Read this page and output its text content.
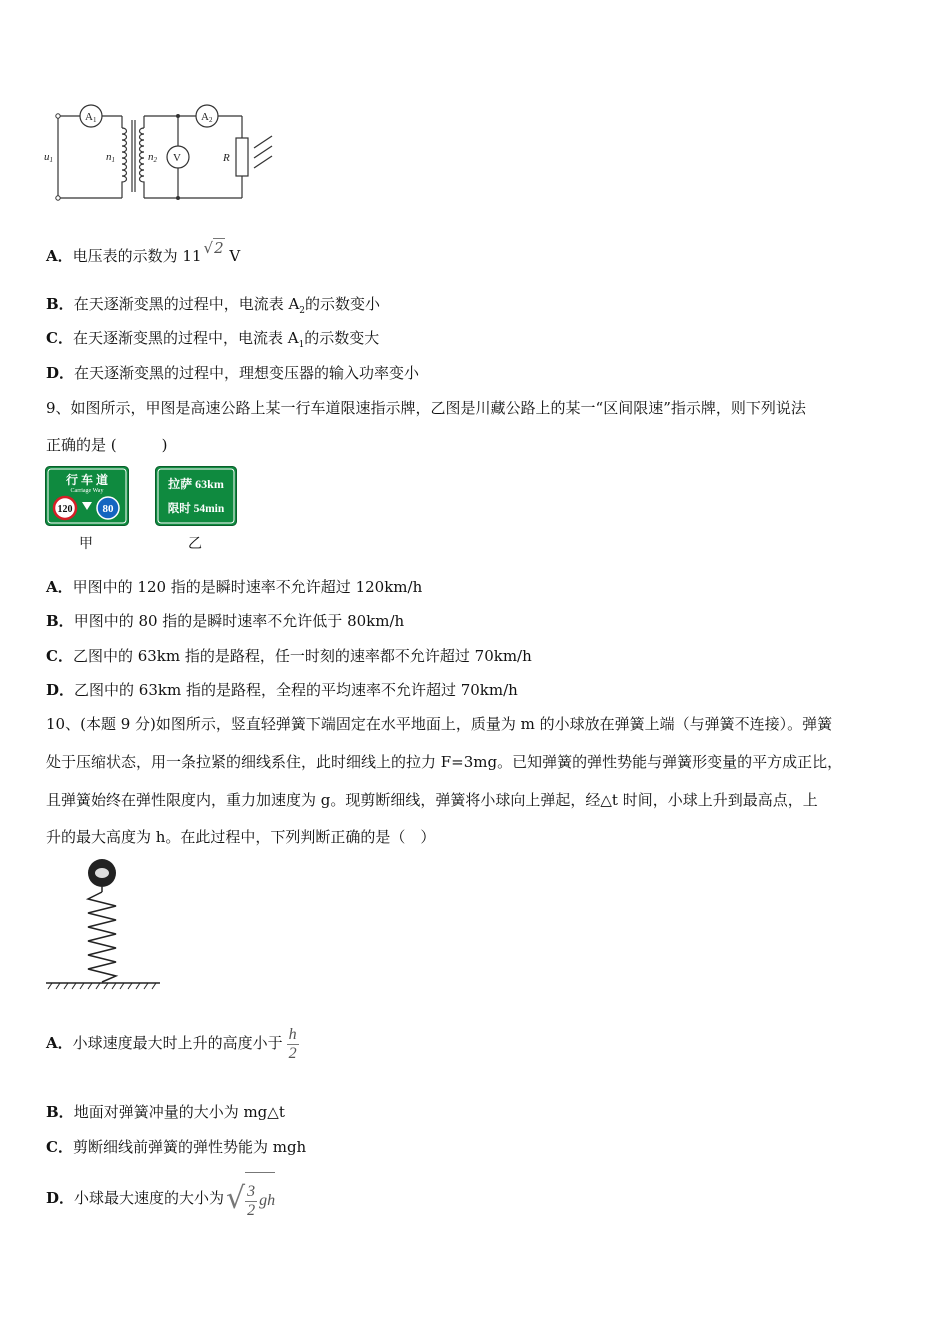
A1	A2
V
u1	n1	n2	R
A．电压表的示数为 11 √2 V
B．在天逐渐变黑的过程中，电流表 $A_2$的示数变小
C．在天逐渐变黑的过程中，电流表 $A_1$的示数变大
D．在天逐渐变黑的过程中，理想变压器的输入功率变小
9、如图所示，甲图是高速公路上某一行车道限速指示牌，乙图是川藏公路上的某一“区间限速”指示牌，则下列说法
正确的是 (　　　)
行 车 道
Carriage Way
120	80
甲
拉萨 63km
限时 54min
乙
A．甲图中的 120 指的是瞬时速率不允许超过 120km/h
B．甲图中的 80 指的是瞬时速率不允许低于 80km/h
C．乙图中的 63km 指的是路程，任一时刻的速率都不允许超过 70km/h
D．乙图中的 63km 指的是路程，全程的平均速率不允许超过 70km/h
10、(本题 9 分)如图所示，竖直轻弹簧下端固定在水平地面上，质量为 m 的小球放在弹簧上端（与弹簧不连接）。弹簧
处于压缩状态，用一条拉紧的细线系住，此时细线上的拉力 F=3mg。已知弹簧的弹性势能与弹簧形变量的平方成正比，
且弹簧始终在弹性限度内，重力加速度为 g。现剪断细线，弹簧将小球向上弹起，经△t 时间，小球上升到最高点，上
升的最大高度为 h。在此过程中，下列判断正确的是（　）
A．小球速度最大时上升的高度小于 $\frac{h}{2}$
B．地面对弹簧冲量的大小为 mg△t
C．剪断细线前弹簧的弹性势能为 mgh
D．小球最大速度的大小为√ $\frac{3}{2}$ gh
